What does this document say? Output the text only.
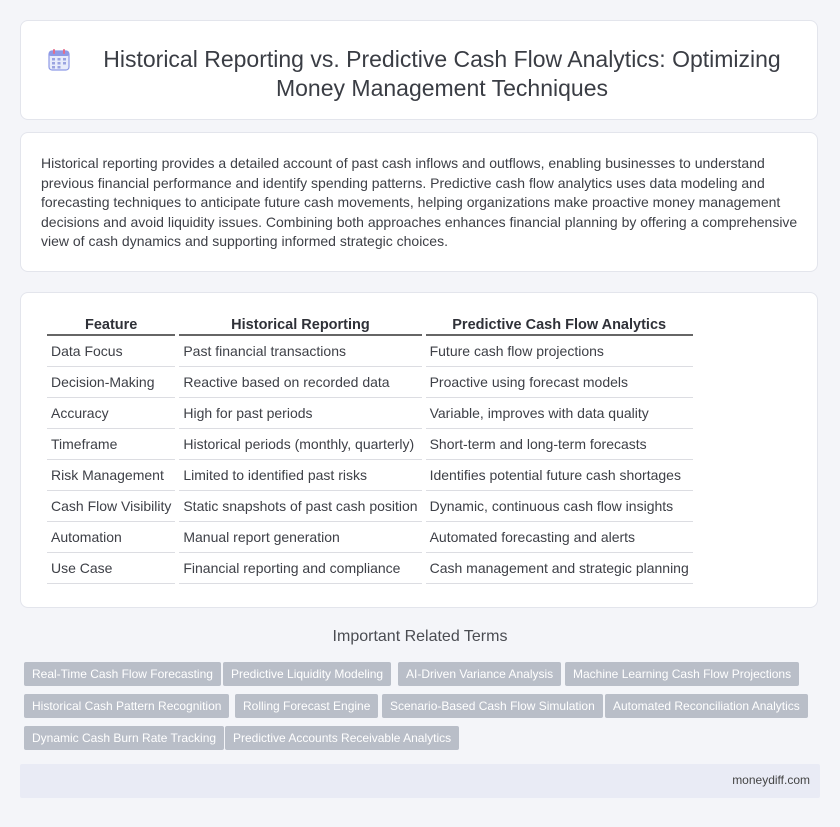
Historical Reporting vs. Predictive Cash Flow Analytics: Optimizing Money Management Techniques

Historical reporting provides a detailed account of past cash inflows and outflows, enabling businesses to understand previous financial performance and identify spending patterns. Predictive cash flow analytics uses data modeling and forecasting techniques to anticipate future cash movements, helping organizations make proactive money management decisions and avoid liquidity issues. Combining both approaches enhances financial planning by offering a comprehensive view of cash dynamics and supporting informed strategic choices.

Feature	Historical Reporting	Predictive Cash Flow Analytics
Data Focus	Past financial transactions	Future cash flow projections
Decision-Making	Reactive based on recorded data	Proactive using forecast models
Accuracy	High for past periods	Variable, improves with data quality
Timeframe	Historical periods (monthly, quarterly)	Short-term and long-term forecasts
Risk Management	Limited to identified past risks	Identifies potential future cash shortages
Cash Flow Visibility	Static snapshots of past cash position	Dynamic, continuous cash flow insights
Automation	Manual report generation	Automated forecasting and alerts
Use Case	Financial reporting and compliance	Cash management and strategic planning
Important Related Terms
Real-Time Cash Flow Forecasting	Predictive Liquidity Modeling	AI-Driven Variance Analysis	Machine Learning Cash Flow Projections
Historical Cash Pattern Recognition	Rolling Forecast Engine	Scenario-Based Cash Flow Simulation	Automated Reconciliation Analytics
Dynamic Cash Burn Rate Tracking	Predictive Accounts Receivable Analytics
moneydiff.com
